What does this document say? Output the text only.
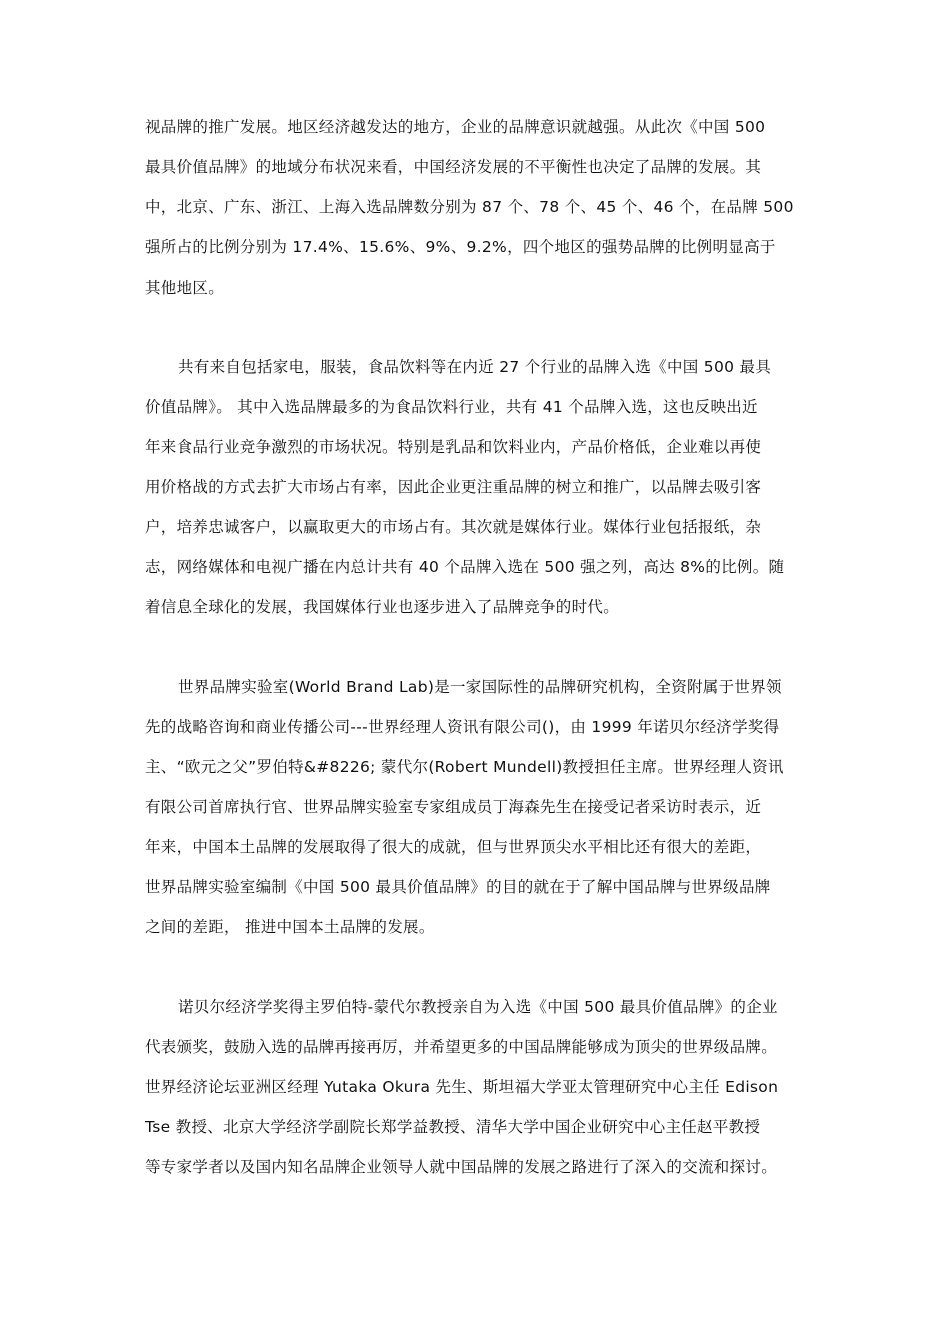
视品牌的推广发展。地区经济越发达的地方，企业的品牌意识就越强。从此次《中国 500
最具价值品牌》的地域分布状况来看，中国经济发展的不平衡性也决定了品牌的发展。其
中，北京、广东、浙江、上海入选品牌数分别为 87 个、78 个、45 个、46 个，在品牌 500
强所占的比例分别为 17.4%、15.6%、9%、9.2%，四个地区的强势品牌的比例明显高于
其他地区。
共有来自包括家电，服装，食品饮料等在内近 27 个行业的品牌入选《中国 500 最具
价值品牌》。 其中入选品牌最多的为食品饮料行业，共有 41 个品牌入选，这也反映出近
年来食品行业竞争激烈的市场状况。特别是乳品和饮料业内，产品价格低，企业难以再使
用价格战的方式去扩大市场占有率，因此企业更注重品牌的树立和推广，以品牌去吸引客
户，培养忠诚客户，以赢取更大的市场占有。其次就是媒体行业。媒体行业包括报纸，杂
志，网络媒体和电视广播在内总计共有 40 个品牌入选在 500 强之列，高达 8%的比例。随
着信息全球化的发展，我国媒体行业也逐步进入了品牌竞争的时代。
世界品牌实验室(World Brand Lab)是一家国际性的品牌研究机构，全资附属于世界领
先的战略咨询和商业传播公司---世界经理人资讯有限公司()，由 1999 年诺贝尔经济学奖得
主、“欧元之父”罗伯特&#8226; 蒙代尔(Robert Mundell)教授担任主席。世界经理人资讯
有限公司首席执行官、世界品牌实验室专家组成员丁海森先生在接受记者采访时表示，近
年来，中国本土品牌的发展取得了很大的成就，但与世界顶尖水平相比还有很大的差距，
世界品牌实验室编制《中国 500 最具价值品牌》的目的就在于了解中国品牌与世界级品牌
之间的差距， 推进中国本土品牌的发展。
诺贝尔经济学奖得主罗伯特-蒙代尔教授亲自为入选《中国 500 最具价值品牌》的企业
代表颁奖，鼓励入选的品牌再接再厉，并希望更多的中国品牌能够成为顶尖的世界级品牌。
世界经济论坛亚洲区经理 Yutaka Okura 先生、斯坦福大学亚太管理研究中心主任 Edison
Tse 教授、北京大学经济学副院长郑学益教授、清华大学中国企业研究中心主任赵平教授
等专家学者以及国内知名品牌企业领导人就中国品牌的发展之路进行了深入的交流和探讨。
